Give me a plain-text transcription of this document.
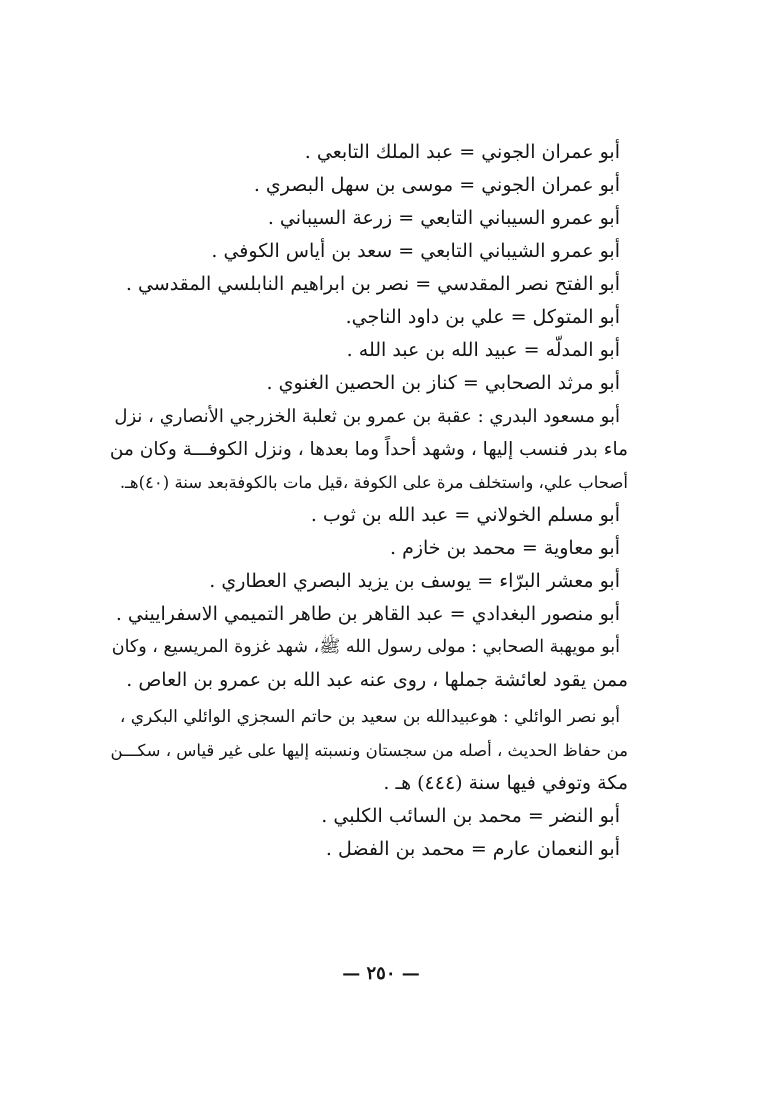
أبو عمران الجوني = عبد الملك التابعي .
أبو عمران الجوني = موسى بن سهل البصري .
أبو عمرو السيباني التابعي = زرعة السيباني .
أبو عمرو الشيباني التابعي = سعد بن أياس الكوفي .
أبو الفتح نصر المقدسي = نصر بن ابراهيم النابلسي المقدسي .
أبو المتوكل = علي بن داود الناجي.
أبو المدلّه = عبيد الله بن عبد الله .
أبو مرثد الصحابي = كناز بن الحصين الغنوي .
أبو مسعود البدري : عقبة بن عمرو بن ثعلبة الخزرجي الأنصاري ، نزل
ماء بدر فنسب إليها ، وشهد أحداً وما بعدها ، ونزل الكوفـــة وكان من
أصحاب علي، واستخلف مرة على الكوفة ،قيل مات بالكوفةبعد سنة (٤٠)هـ.
أبو مسلم الخولاني = عبد الله بن ثوب .
أبو معاوية = محمد بن خازم .
أبو معشر البرّاء = يوسف بن يزيد البصري العطاري .
أبو منصور البغدادي = عبد القاهر بن طاهر التميمي الاسفراييني .
أبو مويهبة الصحابي : مولى رسول الله ﷺ، شهد غزوة المريسيع ، وكان
ممن يقود لعائشة جملها ، روى عنه عبد الله بن عمرو بن العاص .
أبو نصر الوائلي : هوعبيدالله بن سعيد بن حاتم السجزي الوائلي البكري ،
من حفاظ الحديث ، أصله من سجستان ونسبته إليها على غير قياس ، سكـــن
مكة وتوفي فيها سنة (٤٤٤) هـ .
أبو النضر = محمد بن السائب الكلبي .
أبو النعمان عارم = محمد بن الفضل .
— ٢٥٠ —
